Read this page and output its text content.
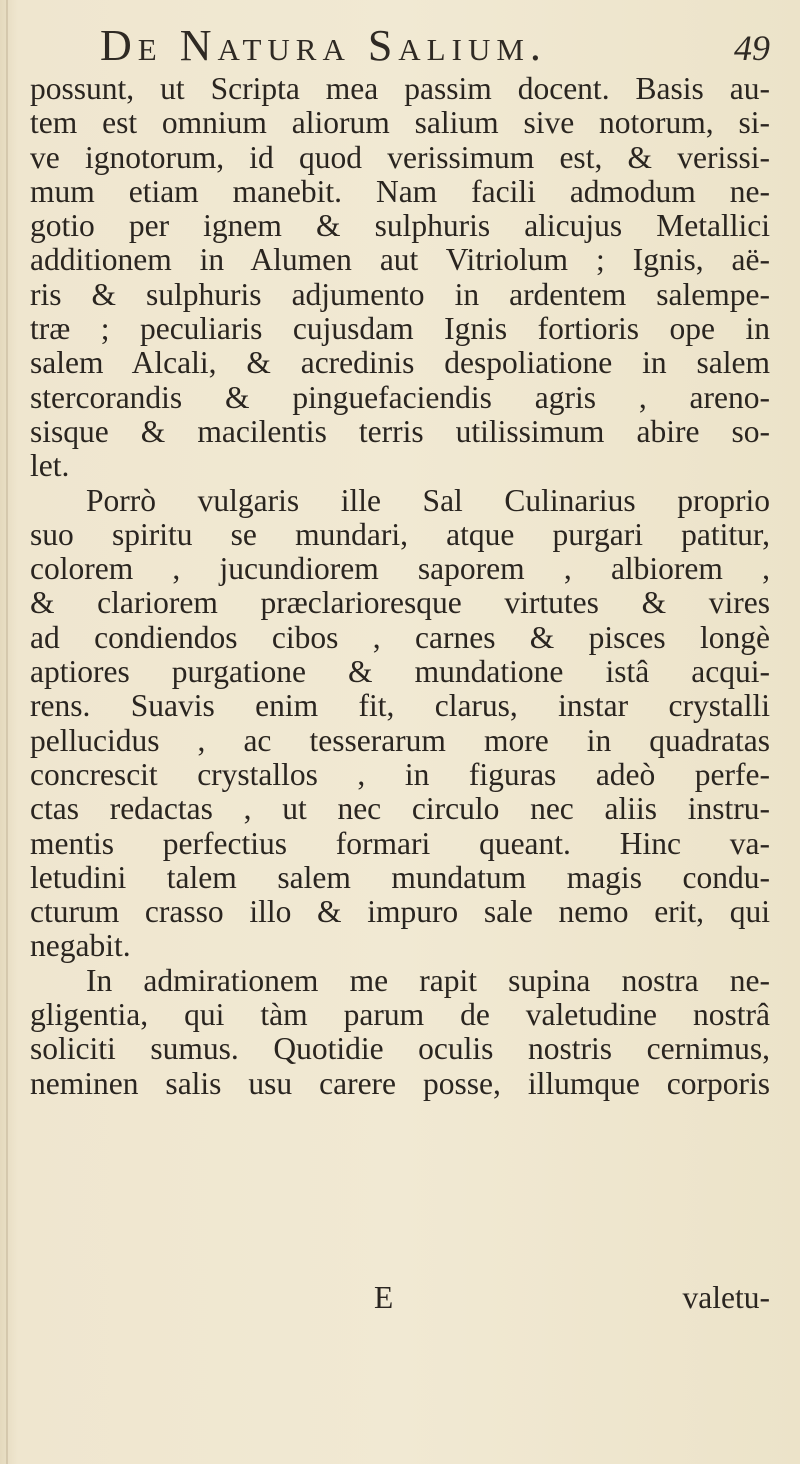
De Natura Salium.	49
possunt, ut Scripta mea passim docent. Basis au-
tem est omnium aliorum salium sive notorum, si-
ve ignotorum, id quod verissimum est, & verissi-
mum etiam manebit. Nam facili admodum ne-
gotio per ignem & sulphuris alicujus Metallici
additionem in Alumen aut Vitriolum ; Ignis, aë-
ris & sulphuris adjumento in ardentem salempe-
træ ; peculiaris cujusdam Ignis fortioris ope in
salem Alcali, & acredinis despoliatione in salem
stercorandis & pinguefaciendis agris , areno-
sisque & macilentis terris utilissimum abire so-
let.
Porrò vulgaris ille Sal Culinarius proprio
suo spiritu se mundari, atque purgari patitur,
colorem , jucundiorem saporem , albiorem ,
& clariorem præclarioresque virtutes & vires
ad condiendos cibos , carnes & pisces longè
aptiores purgatione & mundatione istâ acqui-
rens. Suavis enim fit, clarus, instar crystalli
pellucidus , ac tesserarum more in quadratas
concrescit crystallos , in figuras adeò perfe-
ctas redactas , ut nec circulo nec aliis instru-
mentis perfectius formari queant. Hinc va-
letudini talem salem mundatum magis condu-
cturum crasso illo & impuro sale nemo erit, qui
negabit.
In admirationem me rapit supina nostra ne-
gligentia, qui tàm parum de valetudine nostrâ
soliciti sumus. Quotidie oculis nostris cernimus,
neminen salis usu carere posse, illumque corporis
E	valetu-
